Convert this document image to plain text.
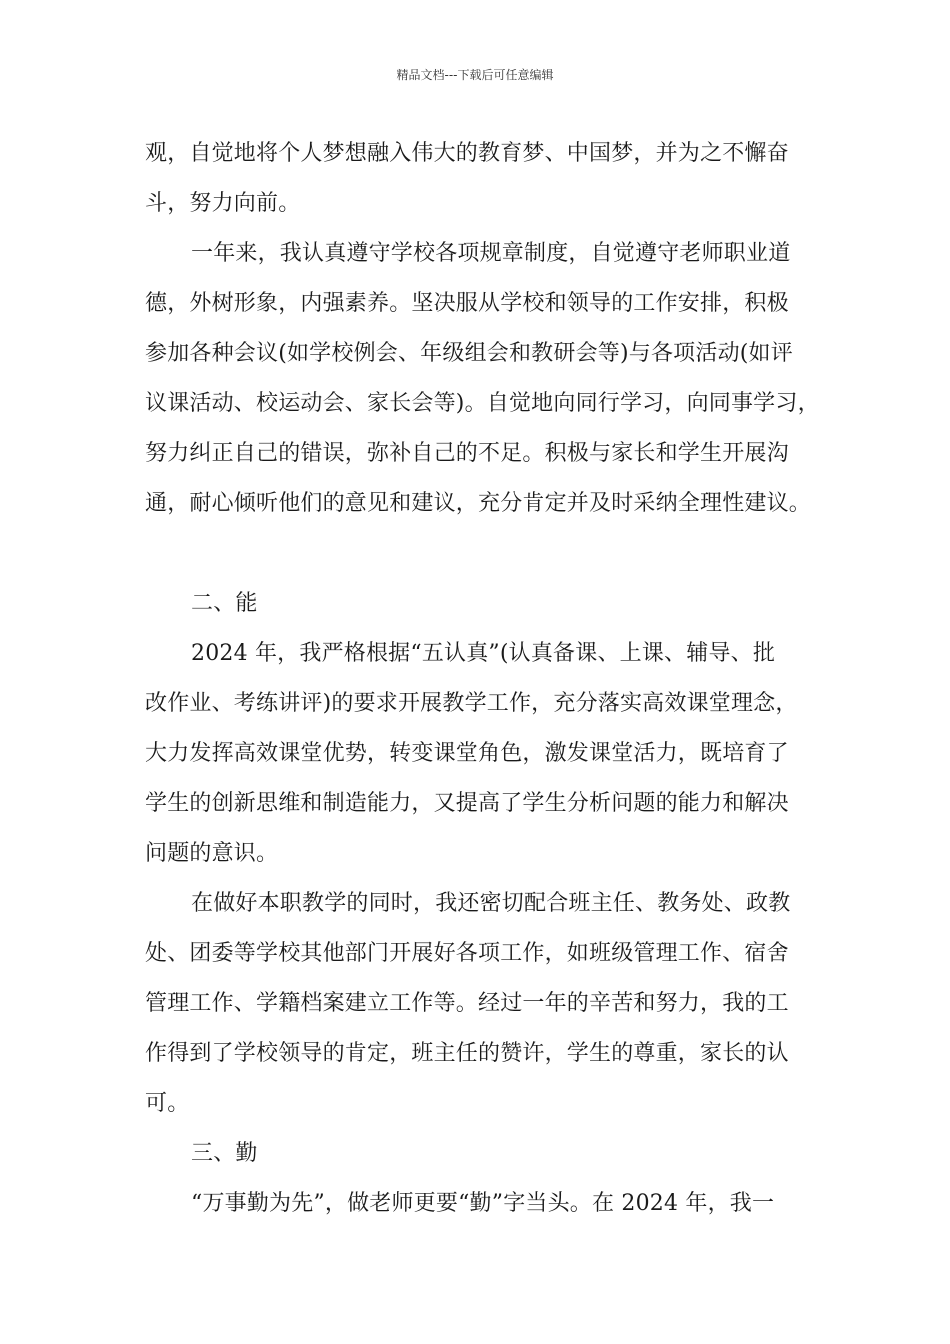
精品文档---下载后可任意编辑
观，自觉地将个人梦想融入伟大的教育梦、中国梦，并为之不懈奋
斗，努力向前。
一年来，我认真遵守学校各项规章制度，自觉遵守老师职业道
德，外树形象，内强素养。坚决服从学校和领导的工作安排，积极
参加各种会议(如学校例会、年级组会和教研会等)与各项活动(如评
议课活动、校运动会、家长会等)。自觉地向同行学习，向同事学习，
努力纠正自己的错误，弥补自己的不足。积极与家长和学生开展沟
通，耐心倾听他们的意见和建议，充分肯定并及时采纳全理性建议。
二、能
2024 年，我严格根据“五认真”(认真备课、上课、辅导、批
改作业、考练讲评)的要求开展教学工作，充分落实高效课堂理念，
大力发挥高效课堂优势，转变课堂角色，激发课堂活力，既培育了
学生的创新思维和制造能力，又提高了学生分析问题的能力和解决
问题的意识。
在做好本职教学的同时，我还密切配合班主任、教务处、政教
处、团委等学校其他部门开展好各项工作，如班级管理工作、宿舍
管理工作、学籍档案建立工作等。经过一年的辛苦和努力，我的工
作得到了学校领导的肯定，班主任的赞许，学生的尊重，家长的认
可。
三、勤
“万事勤为先”，做老师更要“勤”字当头。在 2024 年，我一
